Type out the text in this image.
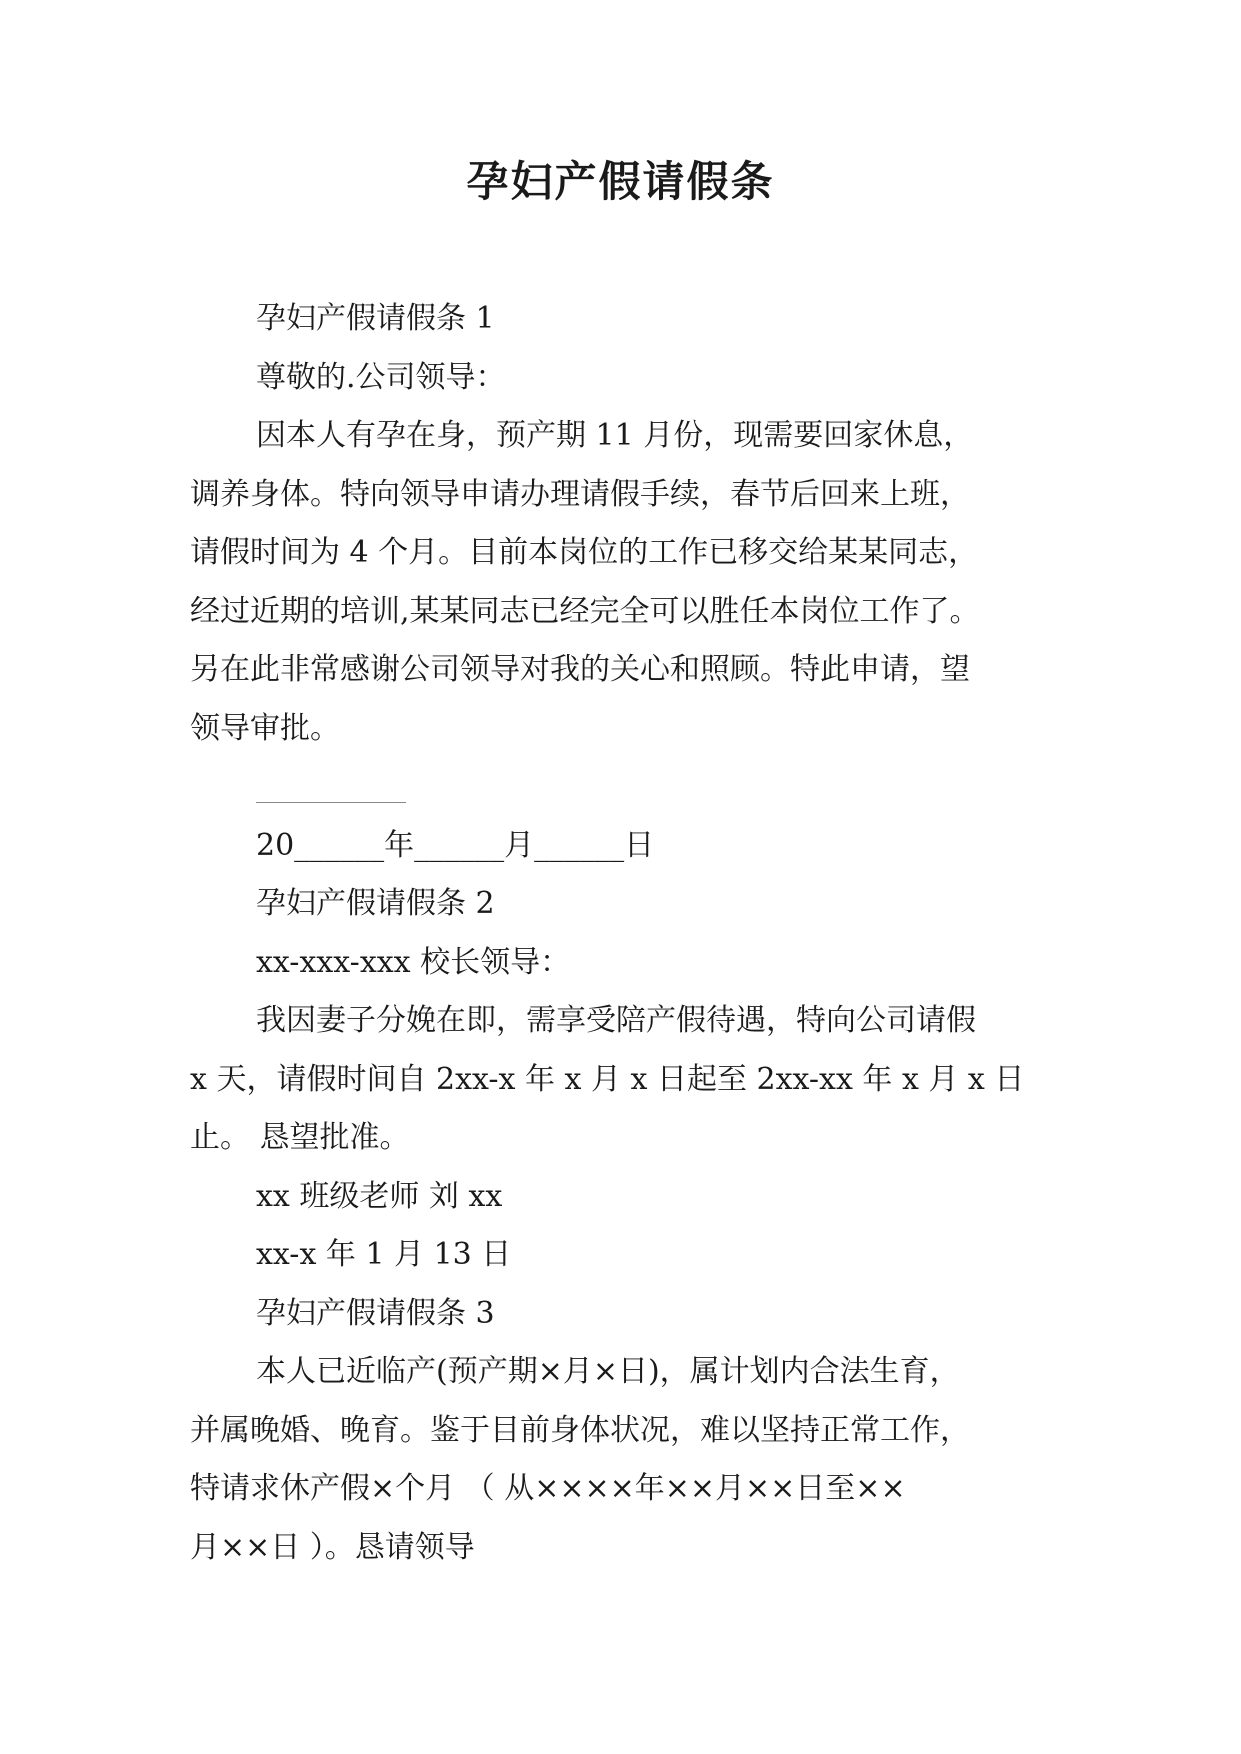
孕妇产假请假条
孕妇产假请假条 1
尊敬的.公司领导：
因本人有孕在身，预产期 11 月份，现需要回家休息，
调养身体。特向领导申请办理请假手续，春节后回来上班，
请假时间为 4 个月。目前本岗位的工作已移交给某某同志，
经过近期的培训,某某同志已经完全可以胜任本岗位工作了。
另在此非常感谢公司领导对我的关心和照顾。特此申请，望
领导审批。
20______年______月______日
孕妇产假请假条 2
xx-xxx-xxx 校长领导：
我因妻子分娩在即，需享受陪产假待遇，特向公司请假
x 天，请假时间自 2xx-x 年 x 月 x 日起至 2xx-xx 年 x 月 x 日
止。 恳望批准。
xx 班级老师 刘 xx
xx-x 年 1 月 13 日
孕妇产假请假条 3
本人已近临产(预产期×月×日)，属计划内合法生育，
并属晚婚、晚育。鉴于目前身体状况，难以坚持正常工作，
特请求休产假×个月 （ 从××××年××月××日至××
月××日 ）。恳请领导
